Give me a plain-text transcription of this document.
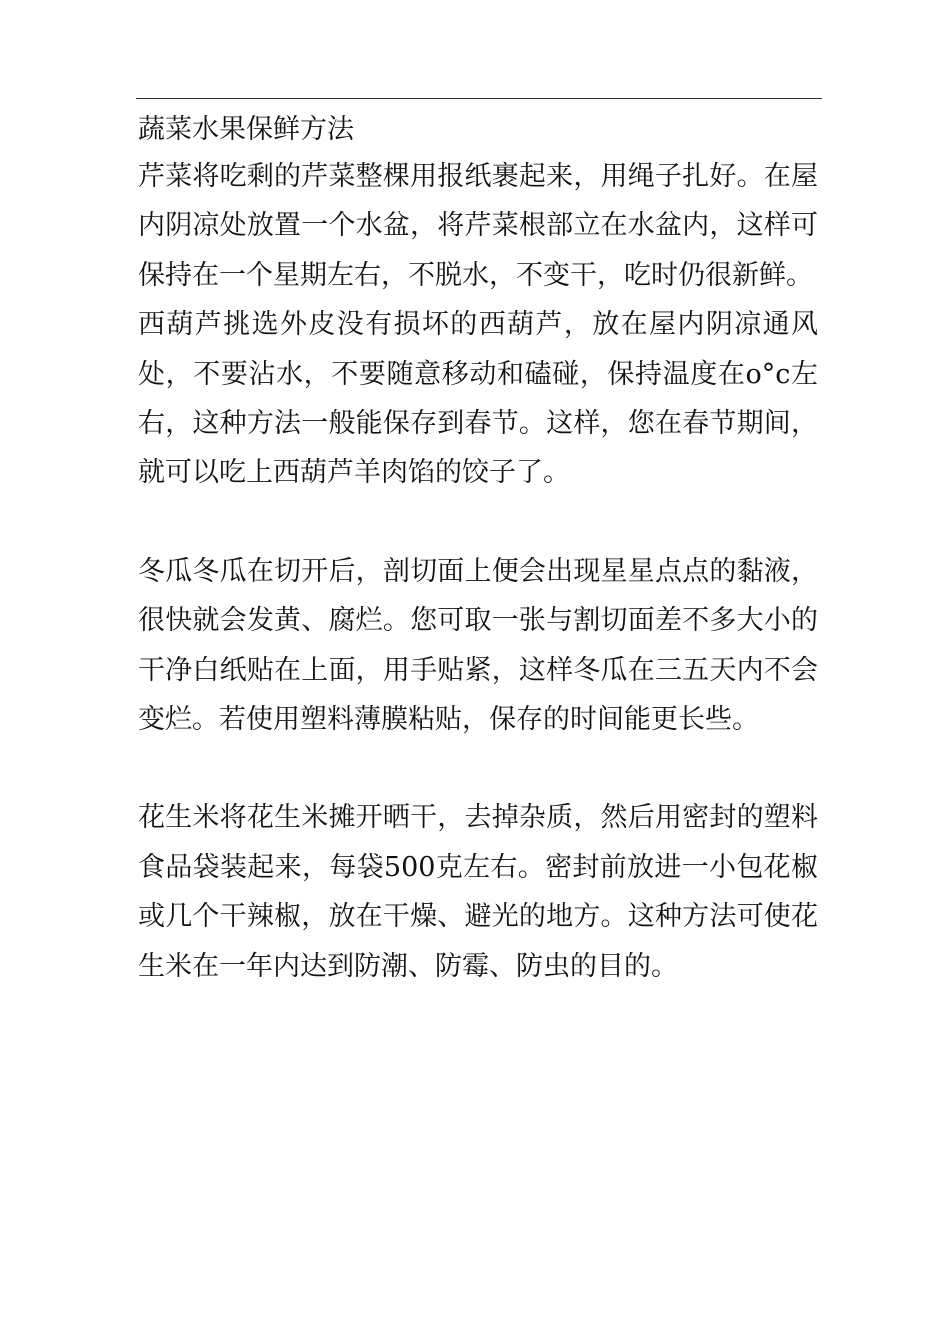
蔬菜水果保鲜方法

芹菜将吃剩的芹菜整棵用报纸裹起来，用绳子扎好。在屋内阴凉处放置一个水盆，将芹菜根部立在水盆内，这样可保持在一个星期左右，不脱水，不变干，吃时仍很新鲜。

西葫芦挑选外皮没有损坏的西葫芦，放在屋内阴凉通风处，不要沾水，不要随意移动和磕碰，保持温度在o°c左右，这种方法一般能保存到春节。这样，您在春节期间，就可以吃上西葫芦羊肉馅的饺子了。

冬瓜冬瓜在切开后，剖切面上便会出现星星点点的黏液，很快就会发黄、腐烂。您可取一张与割切面差不多大小的干净白纸贴在上面，用手贴紧，这样冬瓜在三五天内不会变烂。若使用塑料薄膜粘贴，保存的时间能更长些。

花生米将花生米摊开晒干，去掉杂质，然后用密封的塑料食品袋装起来，每袋500克左右。密封前放进一小包花椒或几个干辣椒，放在干燥、避光的地方。这种方法可使花生米在一年内达到防潮、防霉、防虫的目的。
